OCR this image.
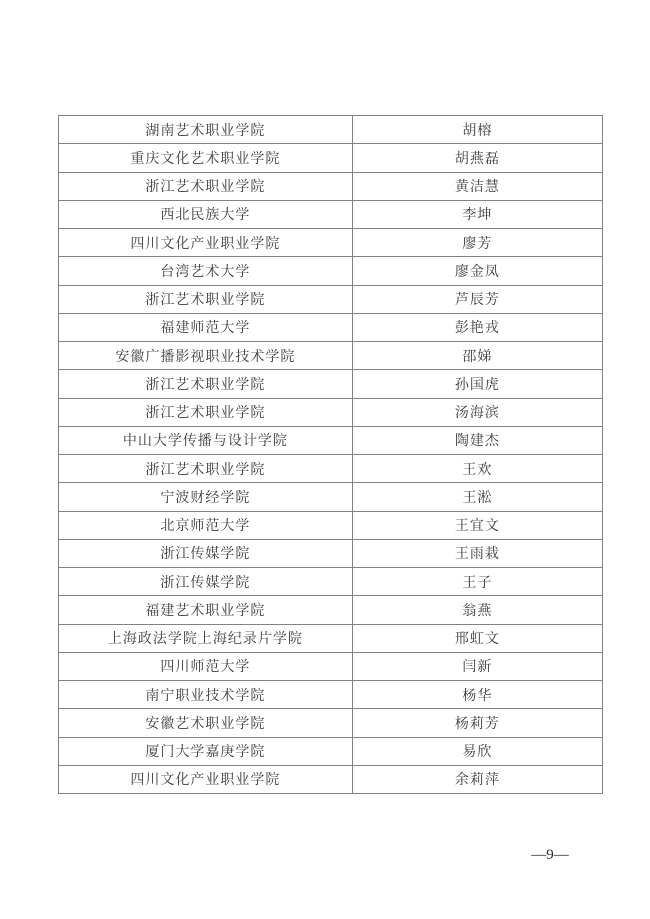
湖南艺术职业学院	胡榕
重庆文化艺术职业学院	胡燕磊
浙江艺术职业学院	黄洁慧
西北民族大学	李坤
四川文化产业职业学院	廖芳
台湾艺术大学	廖金凤
浙江艺术职业学院	芦辰芳
福建师范大学	彭艳戎
安徽广播影视职业技术学院	邵娣
浙江艺术职业学院	孙国虎
浙江艺术职业学院	汤海滨
中山大学传播与设计学院	陶建杰
浙江艺术职业学院	王欢
宁波财经学院	王淞
北京师范大学	王宜文
浙江传媒学院	王雨栽
浙江传媒学院	王子
福建艺术职业学院	翁燕
上海政法学院上海纪录片学院	邢虹文
四川师范大学	闫新
南宁职业技术学院	杨华
安徽艺术职业学院	杨莉芳
厦门大学嘉庚学院	易欣
四川文化产业职业学院	余莉萍
—9—
